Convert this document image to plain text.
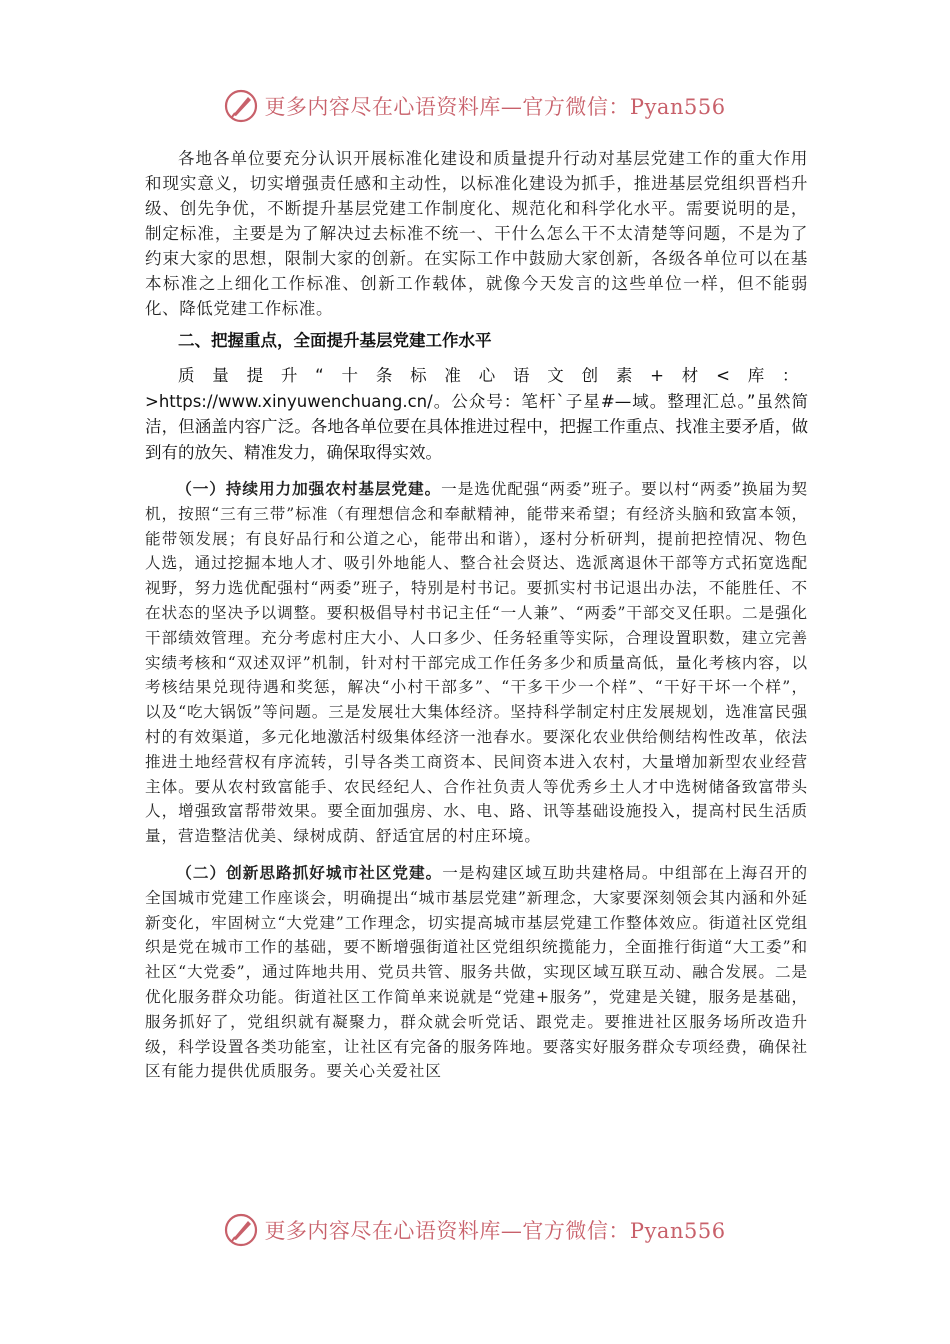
更多内容尽在心语资料库—官方微信：Pyan556

各地各单位要充分认识开展标准化建设和质量提升行动对基层党建工作的重大作用和现实意义，切实增强责任感和主动性，以标准化建设为抓手，推进基层党组织晋档升级、创先争优，不断提升基层党建工作制度化、规范化和科学化水平。需要说明的是，制定标准，主要是为了解决过去标准不统一、干什么怎么干不太清楚等问题，不是为了约束大家的思想，限制大家的创新。在实际工作中鼓励大家创新，各级各单位可以在基本标准之上细化工作标准、创新工作载体，就像今天发言的这些单位一样，但不能弱化、降低党建工作标准。

二、把握重点，全面提升基层党建工作水平

质量提升“十条标准心语文创素+材<库：>https://www.xinyuwenchuang.cn/。公众号：笔杆`子星#—域。整理汇总。”虽然简洁，但涵盖内容广泛。各地各单位要在具体推进过程中，把握工作重点、找准主要矛盾，做到有的放矢、精准发力，确保取得实效。

（一）持续用力加强农村基层党建。一是选优配强“两委”班子。要以村“两委”换届为契机，按照“三有三带”标准（有理想信念和奉献精神，能带来希望；有经济头脑和致富本领，能带领发展；有良好品行和公道之心，能带出和谐），逐村分析研判，提前把控情况、物色人选，通过挖掘本地人才、吸引外地能人、整合社会贤达、选派离退休干部等方式拓宽选配视野，努力选优配强村“两委”班子，特别是村书记。要抓实村书记退出办法，不能胜任、不在状态的坚决予以调整。要积极倡导村书记主任“一人兼”、“两委”干部交叉任职。二是强化干部绩效管理。充分考虑村庄大小、人口多少、任务轻重等实际，合理设置职数，建立完善实绩考核和“双述双评”机制，针对村干部完成工作任务多少和质量高低，量化考核内容，以考核结果兑现待遇和奖惩，解决“小村干部多”、“干多干少一个样”、“干好干坏一个样”，以及“吃大锅饭”等问题。三是发展壮大集体经济。坚持科学制定村庄发展规划，选准富民强村的有效渠道，多元化地激活村级集体经济一池春水。要深化农业供给侧结构性改革，依法推进土地经营权有序流转，引导各类工商资本、民间资本进入农村，大量增加新型农业经营主体。要从农村致富能手、农民经纪人、合作社负责人等优秀乡土人才中选树储备致富带头人，增强致富帮带效果。要全面加强房、水、电、路、讯等基础设施投入，提高村民生活质量，营造整洁优美、绿树成荫、舒适宜居的村庄环境。

（二）创新思路抓好城市社区党建。一是构建区域互助共建格局。中组部在上海召开的全国城市党建工作座谈会，明确提出“城市基层党建”新理念，大家要深刻领会其内涵和外延新变化，牢固树立“大党建”工作理念，切实提高城市基层党建工作整体效应。街道社区党组织是党在城市工作的基础，要不断增强街道社区党组织统揽能力，全面推行街道“大工委”和社区“大党委”，通过阵地共用、党员共管、服务共做，实现区域互联互动、融合发展。二是优化服务群众功能。街道社区工作简单来说就是“党建+服务”，党建是关键，服务是基础，服务抓好了，党组织就有凝聚力，群众就会听党话、跟党走。要推进社区服务场所改造升级，科学设置各类功能室，让社区有完备的服务阵地。要落实好服务群众专项经费，确保社区有能力提供优质服务。要关心关爱社区

更多内容尽在心语资料库—官方微信：Pyan556
